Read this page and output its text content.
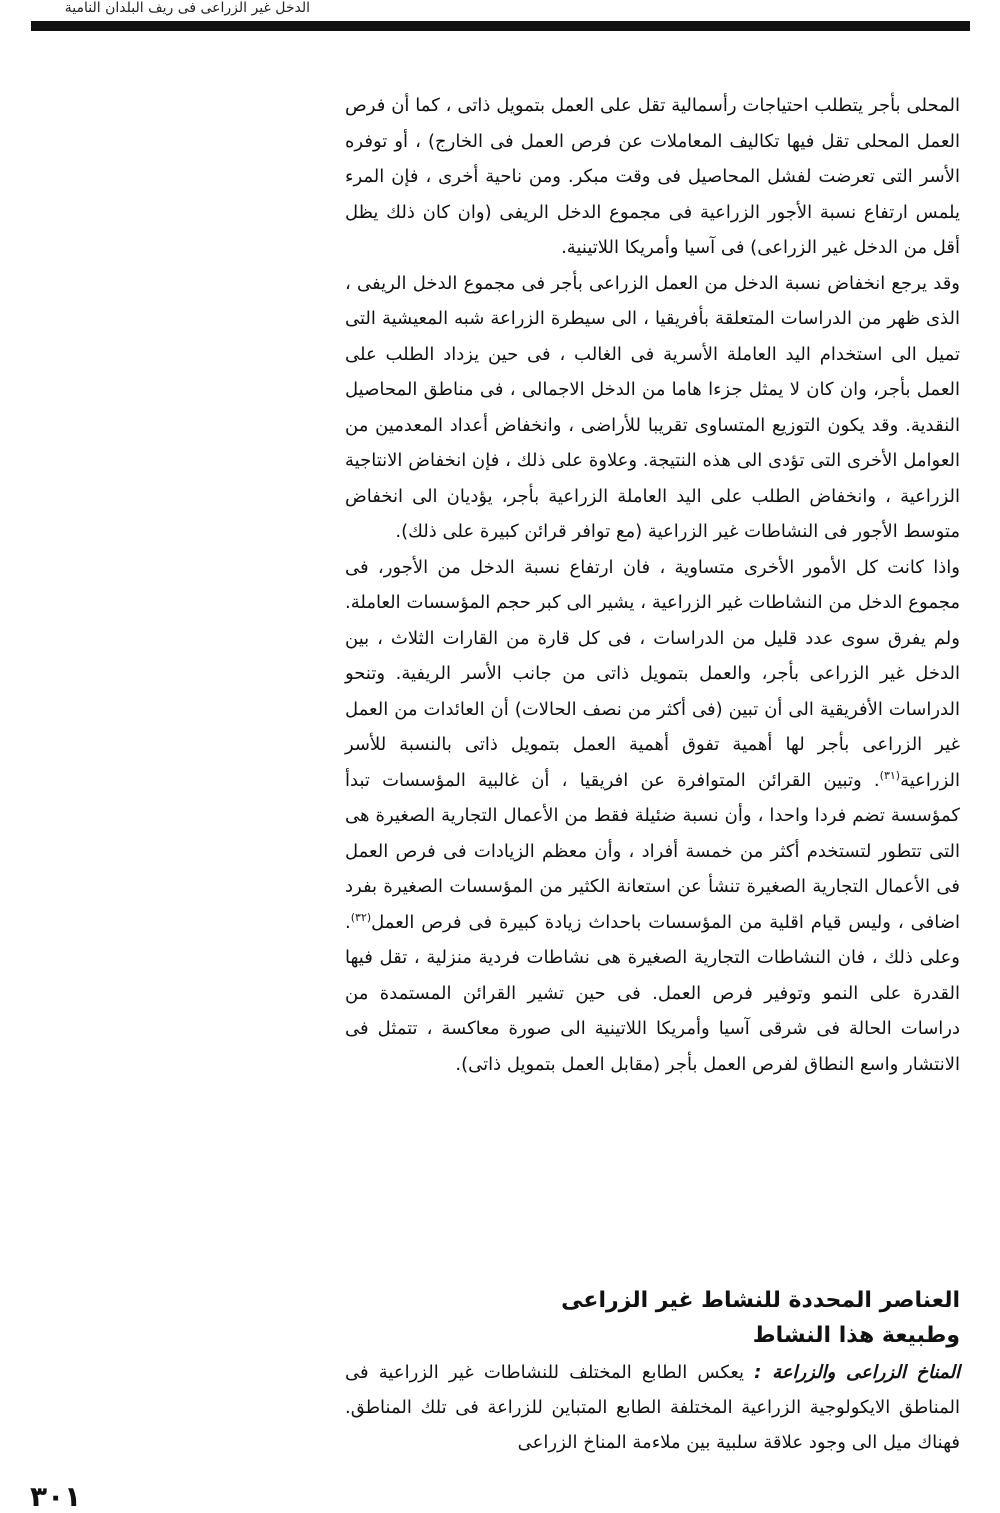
الدخل غير الزراعى فى ريف البلدان النامية

المحلى بأجر يتطلب احتياجات رأسمالية تقل على العمل بتمويل ذاتى ، كما أن فرص العمل المحلى تقل فيها تكاليف المعاملات عن فرص العمل فى الخارج) ، أو توفره الأسر التى تعرضت لفشل المحاصيل فى وقت مبكر. ومن ناحية أخرى ، فإن المرء يلمس ارتفاع نسبة الأجور الزراعية فى مجموع الدخل الريفى (وان كان ذلك يظل أقل من الدخل غير الزراعى) فى آسيا وأمريكا اللاتينية.

وقد يرجع انخفاض نسبة الدخل من العمل الزراعى بأجر فى مجموع الدخل الريفى ، الذى ظهر من الدراسات المتعلقة بأفريقيا ، الى سيطرة الزراعة شبه المعيشية التى تميل الى استخدام اليد العاملة الأسرية فى الغالب ، فى حين يزداد الطلب على العمل بأجر، وان كان لا يمثل جزءا هاما من الدخل الاجمالى ، فى مناطق المحاصيل النقدية. وقد يكون التوزيع المتساوى تقريبا للأراضى ، وانخفاض أعداد المعدمين من العوامل الأخرى التى تؤدى الى هذه النتيجة. وعلاوة على ذلك ، فإن انخفاض الانتاجية الزراعية ، وانخفاض الطلب على اليد العاملة الزراعية بأجر، يؤديان الى انخفاض متوسط الأجور فى النشاطات غير الزراعية (مع توافر قرائن كبيرة على ذلك).

واذا كانت كل الأمور الأخرى متساوية ، فان ارتفاع نسبة الدخل من الأجور، فى مجموع الدخل من النشاطات غير الزراعية ، يشير الى كبر حجم المؤسسات العاملة. ولم يفرق سوى عدد قليل من الدراسات ، فى كل قارة من القارات الثلاث ، بين الدخل غير الزراعى بأجر، والعمل بتمويل ذاتى من جانب الأسر الريفية. وتنحو الدراسات الأفريقية الى أن تبين (فى أكثر من نصف الحالات) أن العائدات من العمل غير الزراعى بأجر لها أهمية تفوق أهمية العمل بتمويل ذاتى بالنسبة للأسر الزراعية$^{(٣١)}$. وتبين القرائن المتوافرة عن افريقيا ، أن غالبية المؤسسات تبدأ كمؤسسة تضم فردا واحدا ، وأن نسبة ضئيلة فقط من الأعمال التجارية الصغيرة هى التى تتطور لتستخدم أكثر من خمسة أفراد ، وأن معظم الزيادات فى فرص العمل فى الأعمال التجارية الصغيرة تنشأ عن استعانة الكثير من المؤسسات الصغيرة بفرد اضافى ، وليس قيام اقلية من المؤسسات باحداث زيادة كبيرة فى فرص العمل$^{(٣٢)}$. وعلى ذلك ، فان النشاطات التجارية الصغيرة هى نشاطات فردية منزلية ، تقل فيها القدرة على النمو وتوفير فرص العمل. فى حين تشير القرائن المستمدة من دراسات الحالة فى شرقى آسيا وأمريكا اللاتينية الى صورة معاكسة ، تتمثل فى الانتشار واسع النطاق لفرص العمل بأجر (مقابل العمل بتمويل ذاتى).

العناصر المحددة للنشاط غير الزراعى
وطبيعة هذا النشاط

المناخ الزراعى والزراعة : يعكس الطابع المختلف للنشاطات غير الزراعية فى المناطق الايكولوجية الزراعية المختلفة الطابع المتباين للزراعة فى تلك المناطق. فهناك ميل الى وجود علاقة سلبية بين ملاءمة المناخ الزراعى

٣٠١
